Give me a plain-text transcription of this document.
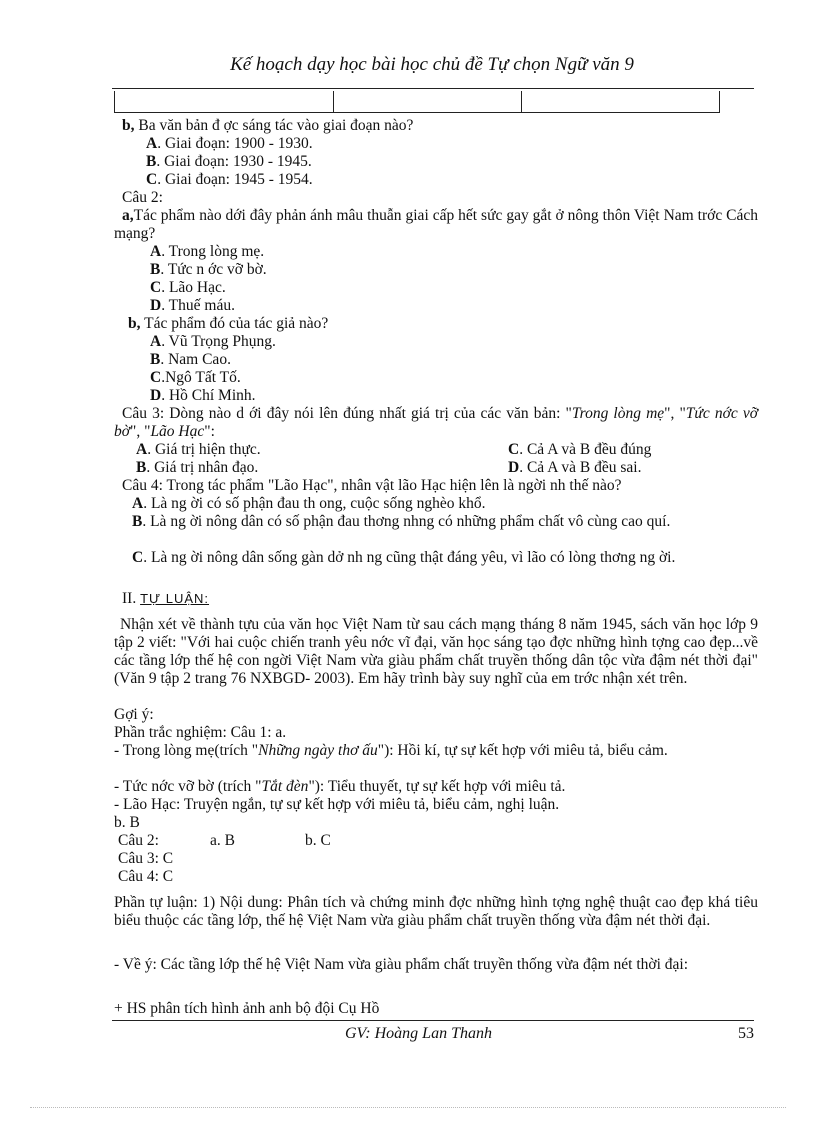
Kế hoạch dạy học bài học chủ đề Tự chọn Ngữ văn 9
b, Ba văn bản đ ợc sáng tác vào giai đoạn nào?
A. Giai đoạn: 1900 - 1930.
B. Giai đoạn: 1930 - 1945.
C. Giai đoạn: 1945 - 1954.
Câu 2:
a,Tác phẩm nào dới đây phản ánh mâu thuẫn giai cấp hết sức gay gắt ở nông thôn Việt Nam trớc Cách mạng?
A. Trong lòng mẹ.
B. Tức n ớc vỡ bờ.
C. Lão Hạc.
D. Thuế máu.
b, Tác phẩm đó của tác giả nào?
A. Vũ Trọng Phụng.
B. Nam Cao.
C.Ngô Tất Tố.
D. Hồ Chí Minh.
Câu 3: Dòng nào d ới đây nói lên đúng nhất giá trị của các văn bản: "Trong lòng mẹ", "Tức nớc vỡ bờ", "Lão Hạc":
A. Giá trị hiện thực.	C. Cả A và B đều đúng
B. Giá trị nhân đạo.	D. Cả A và B đều sai.
Câu 4: Trong tác phẩm "Lão Hạc", nhân vật lão Hạc hiện lên là ngời nh thế nào?
A. Là ng ời có số phận đau th ong, cuộc sống nghèo khổ.
B. Là ng ời nông dân có số phận đau thơng nhng có những phẩm chất vô cùng cao quí.
C. Là ng ời nông dân sống gàn dở nh ng cũng thật đáng yêu, vì lão có lòng thơng ng ời.
II. TỰ LUẬN:
Nhận xét về thành tựu của văn học Việt Nam từ sau cách mạng tháng 8 năm 1945, sách văn học lớp 9 tập 2 viết: "Với hai cuộc chiến tranh yêu nớc vĩ đại, văn học sáng tạo đợc những hình tợng cao đẹp...về các tầng lớp thế hệ con ngời Việt Nam vừa giàu phẩm chất truyền thống dân tộc vừa đậm nét thời đại" (Văn 9 tập 2 trang 76 NXBGD- 2003). Em hãy trình bày suy nghĩ của em trớc nhận xét trên.
Gợi ý:
Phần trắc nghiệm: Câu 1: a.
- Trong lòng mẹ(trích "Những ngày thơ ấu"): Hồi kí, tự sự kết hợp với miêu tả, biểu cảm.
- Tức nớc vỡ bờ (trích "Tắt đèn"): Tiểu thuyết, tự sự kết hợp với miêu tả.
- Lão Hạc: Truyện ngắn, tự sự kết hợp với miêu tả, biểu cảm, nghị luận.
b. B
Câu 2:	a. B	b. C
Câu 3: C
Câu 4: C
Phần tự luận: 1) Nội dung: Phân tích và chứng minh đợc những hình tợng nghệ thuật cao đẹp khá tiêu biểu thuộc các tầng lớp, thế hệ Việt Nam vừa giàu phẩm chất truyền thống vừa đậm nét thời đại.
- Về ý: Các tầng lớp thế hệ Việt Nam vừa giàu phẩm chất truyền thống vừa đậm nét thời đại:
+ HS phân tích hình ảnh anh bộ đội Cụ Hồ
GV: Hoàng Lan Thanh	53
